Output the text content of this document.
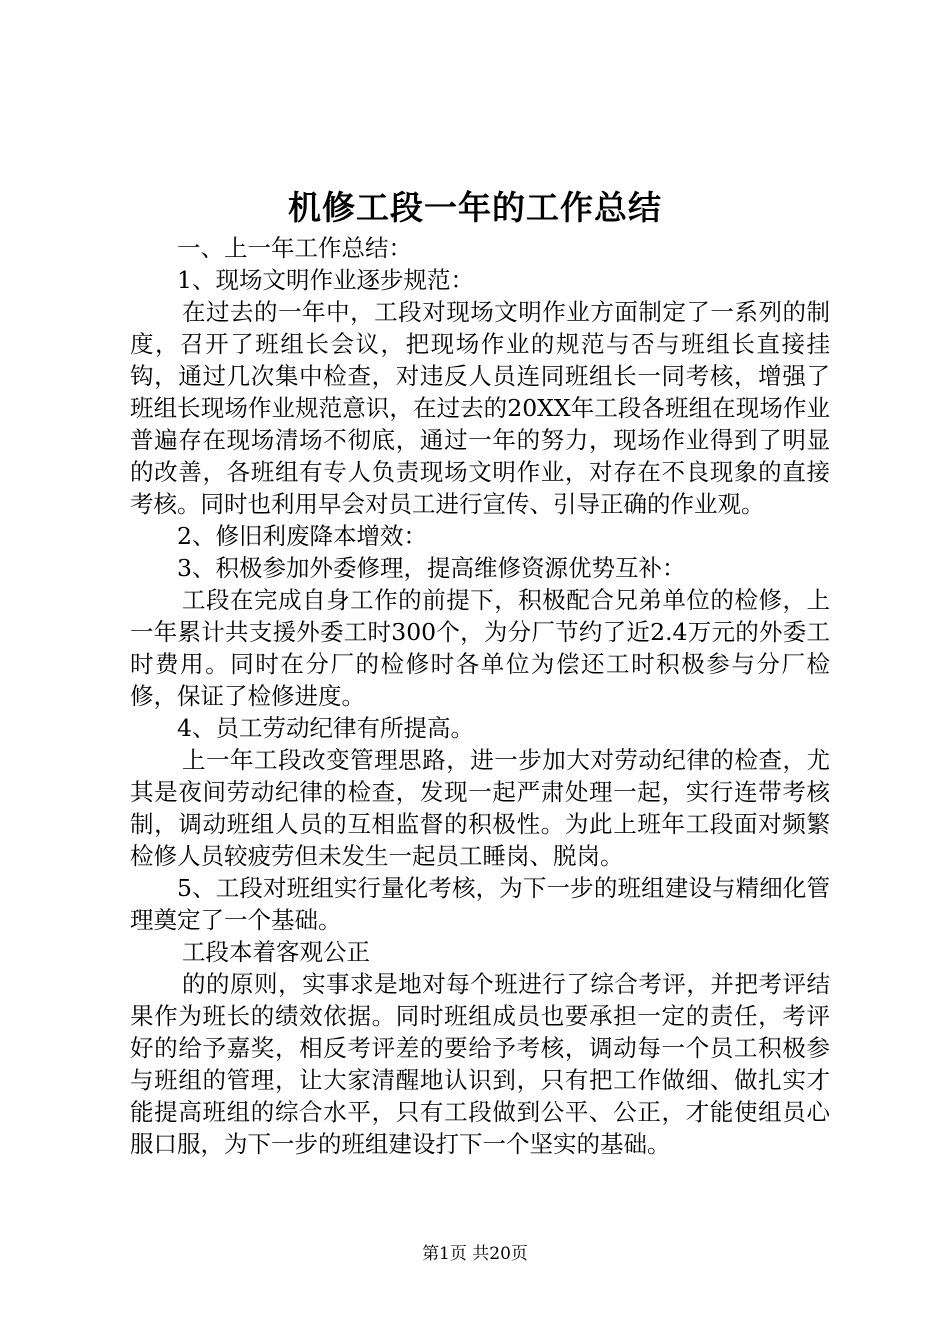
机修工段一年的工作总结

一、上一年工作总结：

1、现场文明作业逐步规范：

在过去的一年中，工段对现场文明作业方面制定了一系列的制度，召开了班组长会议，把现场作业的规范与否与班组长直接挂钩，通过几次集中检查，对违反人员连同班组长一同考核，增强了班组长现场作业规范意识，在过去的20XX年工段各班组在现场作业普遍存在现场清场不彻底，通过一年的努力，现场作业得到了明显的改善，各班组有专人负责现场文明作业，对存在不良现象的直接考核。同时也利用早会对员工进行宣传、引导正确的作业观。

2、修旧利废降本增效：

3、积极参加外委修理，提高维修资源优势互补：

工段在完成自身工作的前提下，积极配合兄弟单位的检修，上一年累计共支援外委工时300个，为分厂节约了近2.4万元的外委工时费用。同时在分厂的检修时各单位为偿还工时积极参与分厂检修，保证了检修进度。

4、员工劳动纪律有所提高。

上一年工段改变管理思路，进一步加大对劳动纪律的检查，尤其是夜间劳动纪律的检查，发现一起严肃处理一起，实行连带考核制，调动班组人员的互相监督的积极性。为此上班年工段面对频繁检修人员较疲劳但未发生一起员工睡岗、脱岗。

5、工段对班组实行量化考核，为下一步的班组建设与精细化管理奠定了一个基础。

工段本着客观公正

的的原则，实事求是地对每个班进行了综合考评，并把考评结果作为班长的绩效依据。同时班组成员也要承担一定的责任，考评好的给予嘉奖，相反考评差的要给予考核，调动每一个员工积极参与班组的管理，让大家清醒地认识到，只有把工作做细、做扎实才能提高班组的综合水平，只有工段做到公平、公正，才能使组员心服口服，为下一步的班组建设打下一个坚实的基础。

第1页 共20页
